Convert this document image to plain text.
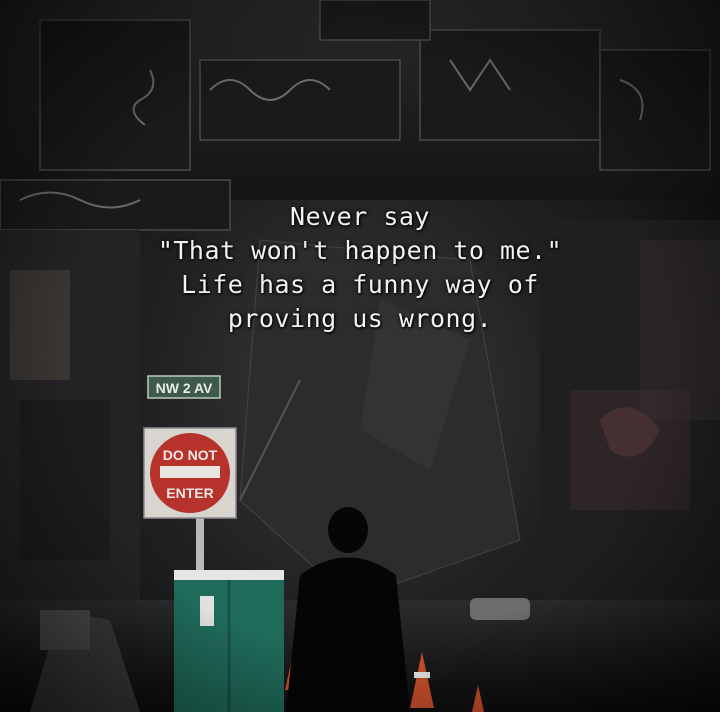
Never say
"That won't happen to me."
Life has a funny way of
proving us wrong.
